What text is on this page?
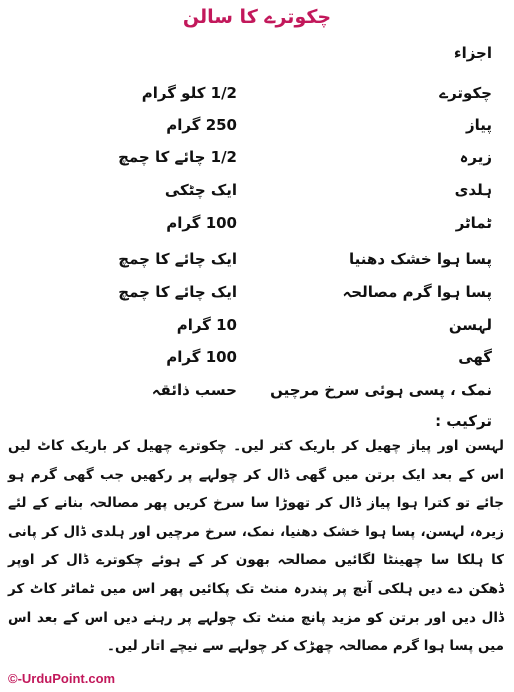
چکوترے کا سالن
اجزاء
چکوترے
1/2 کلو گرام
پیاز
250 گرام
زیرہ
1/2 چائے کا چمچ
ہلدی
ایک چٹکی
ٹماٹر
100 گرام
پسا ہوا خشک دھنیا
ایک چائے کا چمچ
پسا ہوا گرم مصالحہ
ایک چائے کا چمچ
لہسن
10 گرام
گھی
100 گرام
نمک ، پسی ہوئی سرخ مرچیں
حسب ذائقہ
ترکیب :
لہسن اور پیاز چھیل کر باریک کتر لیں۔ چکوترے چھیل کر باریک کاٹ لیں اس کے بعد ایک برتن میں گھی ڈال کر چولہے پر رکھیں جب گھی گرم ہو جائے تو کترا ہوا پیاز ڈال کر تھوڑا سا سرخ کریں پھر مصالحہ بنانے کے لئے زیرہ، لہسن، پسا ہوا خشک دھنیا، نمک، سرخ مرچیں اور ہلدی ڈال کر پانی کا ہلکا سا چھینٹا لگائیں مصالحہ بھون کر کے ہوئے چکوترے ڈال کر اوپر ڈھکن دے دیں ہلکی آنچ پر پندرہ منٹ تک پکائیں پھر اس میں ٹماٹر کاٹ کر ڈال دیں اور برتن کو مزید پانچ منٹ تک چولہے پر رہنے دیں اس کے بعد اس میں پسا ہوا گرم مصالحہ چھڑک کر چولہے سے نیچے اتار لیں۔
©-UrduPoint.com
